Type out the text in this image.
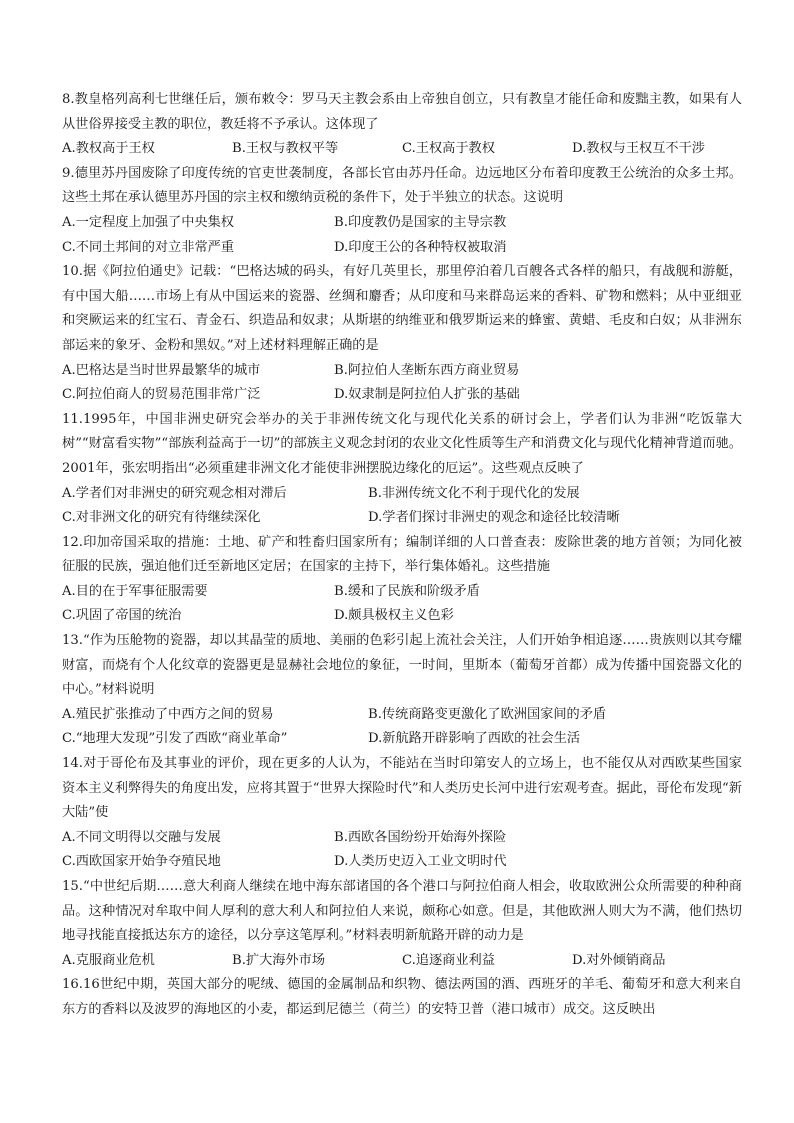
8.教皇格列高利七世继任后，颁布敕令：罗马天主教会系由上帝独自创立，只有教皇才能任命和废黜主教，如果有人从世俗界接受主教的职位，教廷将不予承认。这体现了

A.教权高于王权	B.王权与教权平等	C.王权高于教权	D.教权与王权互不干涉

9.德里苏丹国废除了印度传统的官吏世袭制度，各部长官由苏丹任命。边远地区分布着印度教王公统治的众多土邦。这些土邦在承认德里苏丹国的宗主权和缴纳贡税的条件下，处于半独立的状态。这说明

A.一定程度上加强了中央集权	B.印度教仍是国家的主导宗教
C.不同土邦间的对立非常严重	D.印度王公的各种特权被取消

10.据《阿拉伯通史》记载：“巴格达城的码头，有好几英里长，那里停泊着几百艘各式各样的船只，有战舰和游艇，有中国大船……市场上有从中国运来的瓷器、丝绸和麝香；从印度和马来群岛运来的香料、矿物和燃料；从中亚细亚和突厥运来的红宝石、青金石、织造品和奴隶；从斯堪的纳维亚和俄罗斯运来的蜂蜜、黄蜡、毛皮和白奴；从非洲东部运来的象牙、金粉和黑奴。”对上述材料理解正确的是

A.巴格达是当时世界最繁华的城市	B.阿拉伯人垄断东西方商业贸易
C.阿拉伯商人的贸易范围非常广泛	D.奴隶制是阿拉伯人扩张的基础

11.1995年，中国非洲史研究会举办的关于非洲传统文化与现代化关系的研讨会上，学者们认为非洲“吃饭靠大树”“财富看实物”“部族利益高于一切”的部族主义观念封闭的农业文化性质等生产和消费文化与现代化精神背道而驰。2001年，张宏明指出“必须重建非洲文化才能使非洲摆脱边缘化的厄运”。这些观点反映了

A.学者们对非洲史的研究观念相对滞后	B.非洲传统文化不利于现代化的发展
C.对非洲文化的研究有待继续深化	D.学者们探讨非洲史的观念和途径比较清晰

12.印加帝国采取的措施：土地、矿产和牲畜归国家所有；编制详细的人口普查表：废除世袭的地方首领；为同化被征服的民族，强迫他们迁至新地区定居；在国家的主持下，举行集体婚礼。这些措施

A.目的在于军事征服需要	B.缓和了民族和阶级矛盾
C.巩固了帝国的统治	D.颇具极权主义色彩

13.“作为压舱物的瓷器，却以其晶莹的质地、美丽的色彩引起上流社会关注，人们开始争相追逐……贵族则以其夸耀财富，而烧有个人化纹章的瓷器更是显赫社会地位的象征，一时间，里斯本（葡萄牙首都）成为传播中国瓷器文化的中心。”材料说明

A.殖民扩张推动了中西方之间的贸易	B.传统商路变更激化了欧洲国家间的矛盾
C.“地理大发现”引发了西欧“商业革命”	D.新航路开辟影响了西欧的社会生活

14.对于哥伦布及其事业的评价，现在更多的人认为，不能站在当时印第安人的立场上，也不能仅从对西欧某些国家资本主义利弊得失的角度出发，应将其置于“世界大探险时代”和人类历史长河中进行宏观考查。据此，哥伦布发现“新大陆”使

A.不同文明得以交融与发展	B.西欧各国纷纷开始海外探险
C.西欧国家开始争夺殖民地	D.人类历史迈入工业文明时代

15.“中世纪后期……意大利商人继续在地中海东部诸国的各个港口与阿拉伯商人相会，收取欧洲公众所需要的种种商品。这种情况对牟取中间人厚利的意大利人和阿拉伯人来说，颇称心如意。但是，其他欧洲人则大为不满，他们热切地寻找能直接抵达东方的途径，以分享这笔厚利。”材料表明新航路开辟的动力是

A.克服商业危机	B.扩大海外市场	C.追逐商业利益	D.对外倾销商品

16.16世纪中期，英国大部分的呢绒、德国的金属制品和织物、德法两国的酒、西班牙的羊毛、葡萄牙和意大利来自东方的香料以及波罗的海地区的小麦，都运到尼德兰（荷兰）的安特卫普（港口城市）成交。这反映出
